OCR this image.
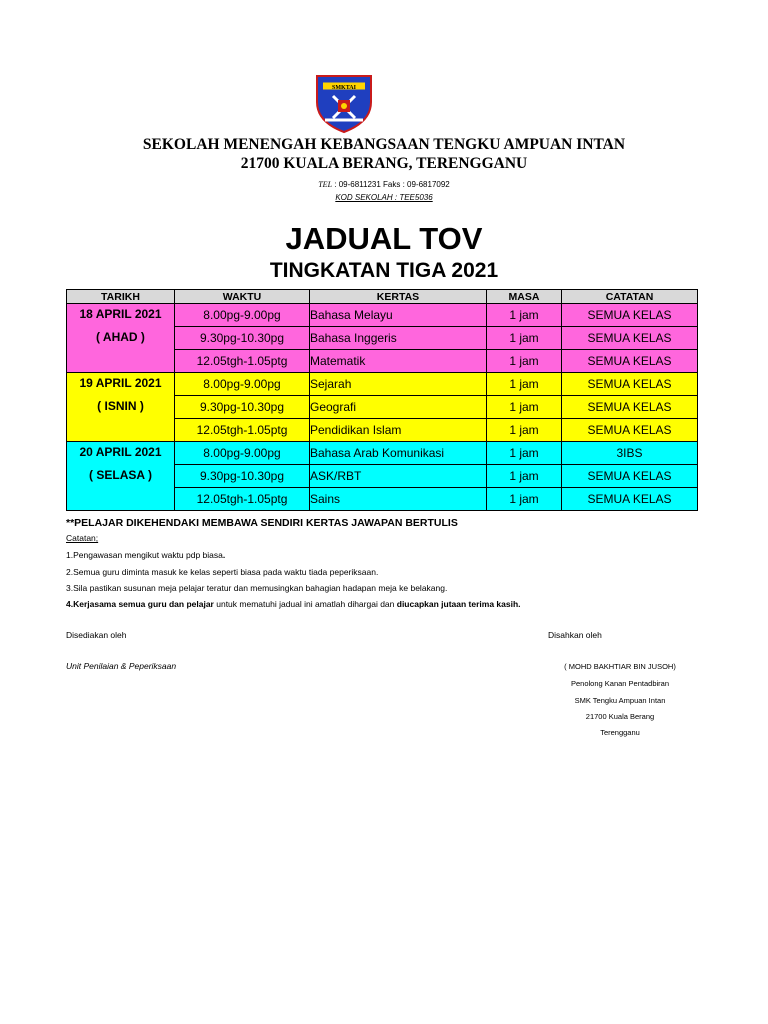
SMKTAI
SEKOLAH MENENGAH KEBANGSAAN TENGKU AMPUAN INTAN
21700 KUALA BERANG, TERENGGANU
TEL : 09-6811231 Faks : 09-6817092
KOD SEKOLAH : TEE5036
JADUAL TOV
TINGKATAN TIGA 2021
TARIKH	WAKTU	KERTAS	MASA	CATATAN

18 APRIL 2021
( AHAD )	8.00pg-9.00pg	Bahasa Melayu	1 jam	SEMUA KELAS
	9.30pg-10.30pg	Bahasa Inggeris	1 jam	SEMUA KELAS
	12.05tgh-1.05ptg	Matematik	1 jam	SEMUA KELAS

19 APRIL 2021
( ISNIN )	8.00pg-9.00pg	Sejarah	1 jam	SEMUA KELAS
	9.30pg-10.30pg	Geografi	1 jam	SEMUA KELAS
	12.05tgh-1.05ptg	Pendidikan Islam	1 jam	SEMUA KELAS

20 APRIL 2021
( SELASA )	8.00pg-9.00pg	Bahasa Arab Komunikasi	1 jam	3IBS
	9.30pg-10.30pg	ASK/RBT	1 jam	SEMUA KELAS
	12.05tgh-1.05ptg	Sains	1 jam	SEMUA KELAS
**PELAJAR DIKEHENDAKI MEMBAWA SENDIRI KERTAS JAWAPAN BERTULIS
Catatan;
1.Pengawasan mengikut waktu pdp biasa.
2.Semua guru diminta masuk ke kelas seperti biasa pada waktu tiada peperiksaan.
3.Sila pastikan susunan meja pelajar teratur dan memusingkan bahagian hadapan meja ke belakang.
4.Kerjasama semua guru dan pelajar untuk mematuhi jadual ini amatlah dihargai dan diucapkan jutaan terima kasih.
Disediakan oleh
Unit Penilaian & Peperiksaan
Disahkan oleh
( MOHD BAKHTIAR BIN JUSOH)
Penolong Kanan Pentadbiran
SMK Tengku Ampuan Intan
21700 Kuala Berang
Terengganu
